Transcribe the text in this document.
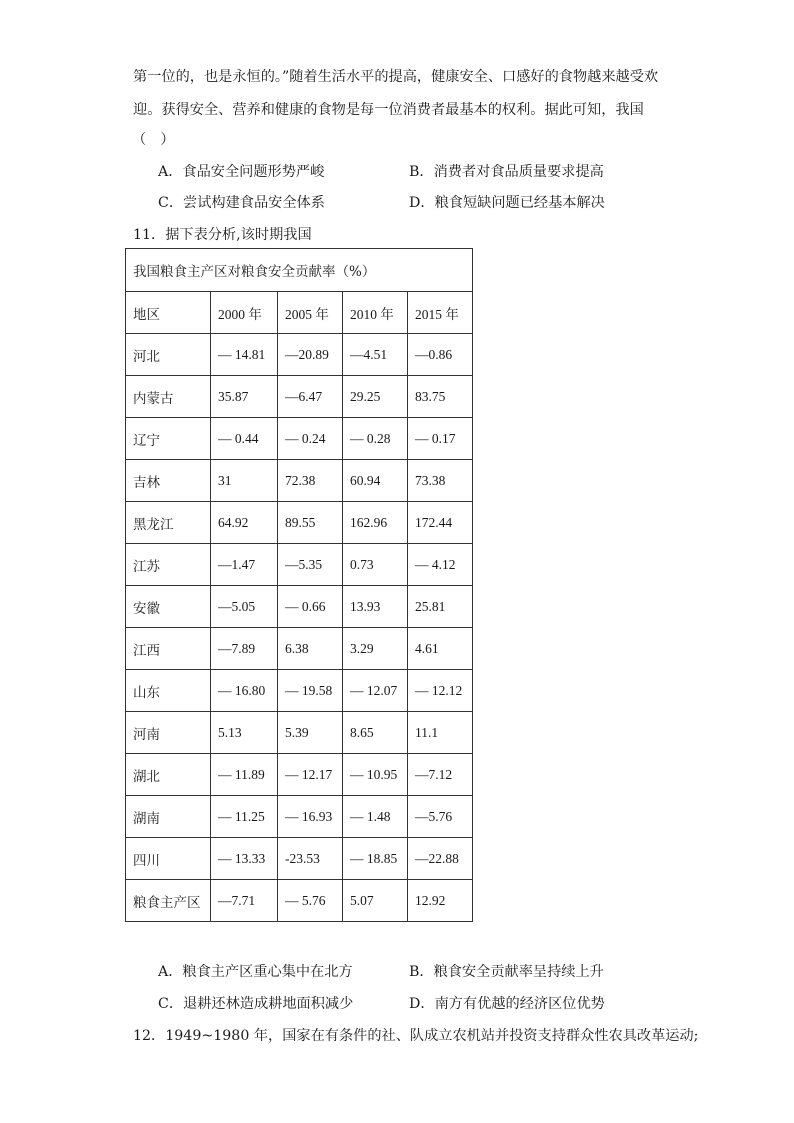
第一位的，也是永恒的。”随着生活水平的提高，健康安全、口感好的食物越来越受欢
迎。获得安全、营养和健康的食物是每一位消费者最基本的权利。据此可知，我国
（　）
A．食品安全问题形势严峻	B．消费者对食品质量要求提高
C．尝试构建食品安全体系	D．粮食短缺问题已经基本解决
11．据下表分析,该时期我国
我国粮食主产区对粮食安全贡献率（%）				
地区	2000 年	2005 年	2010 年	2015 年
河北	— 14.81	—20.89	—4.51	—0.86
内蒙古	35.87	—6.47	29.25	83.75
辽宁	— 0.44	— 0.24	— 0.28	— 0.17
吉林	31	72.38	60.94	73.38
黑龙江	64.92	89.55	162.96	172.44
江苏	—1.47	—5.35	0.73	— 4.12
安徽	—5.05	— 0.66	13.93	25.81
江西	—7.89	6.38	3.29	4.61
山东	— 16.80	— 19.58	— 12.07	— 12.12
河南	5.13	5.39	8.65	11.1
湖北	— 11.89	— 12.17	— 10.95	—7.12
湖南	— 11.25	— 16.93	— 1.48	—5.76
四川	— 13.33	-23.53	— 18.85	—22.88
粮食主产区	—7.71	— 5.76	5.07	12.92
A．粮食主产区重心集中在北方	B．粮食安全贡献率呈持续上升
C．退耕还林造成耕地面积减少	D．南方有优越的经济区位优势
12．1949~1980 年，国家在有条件的社、队成立农机站并投资支持群众性农具改革运动;
